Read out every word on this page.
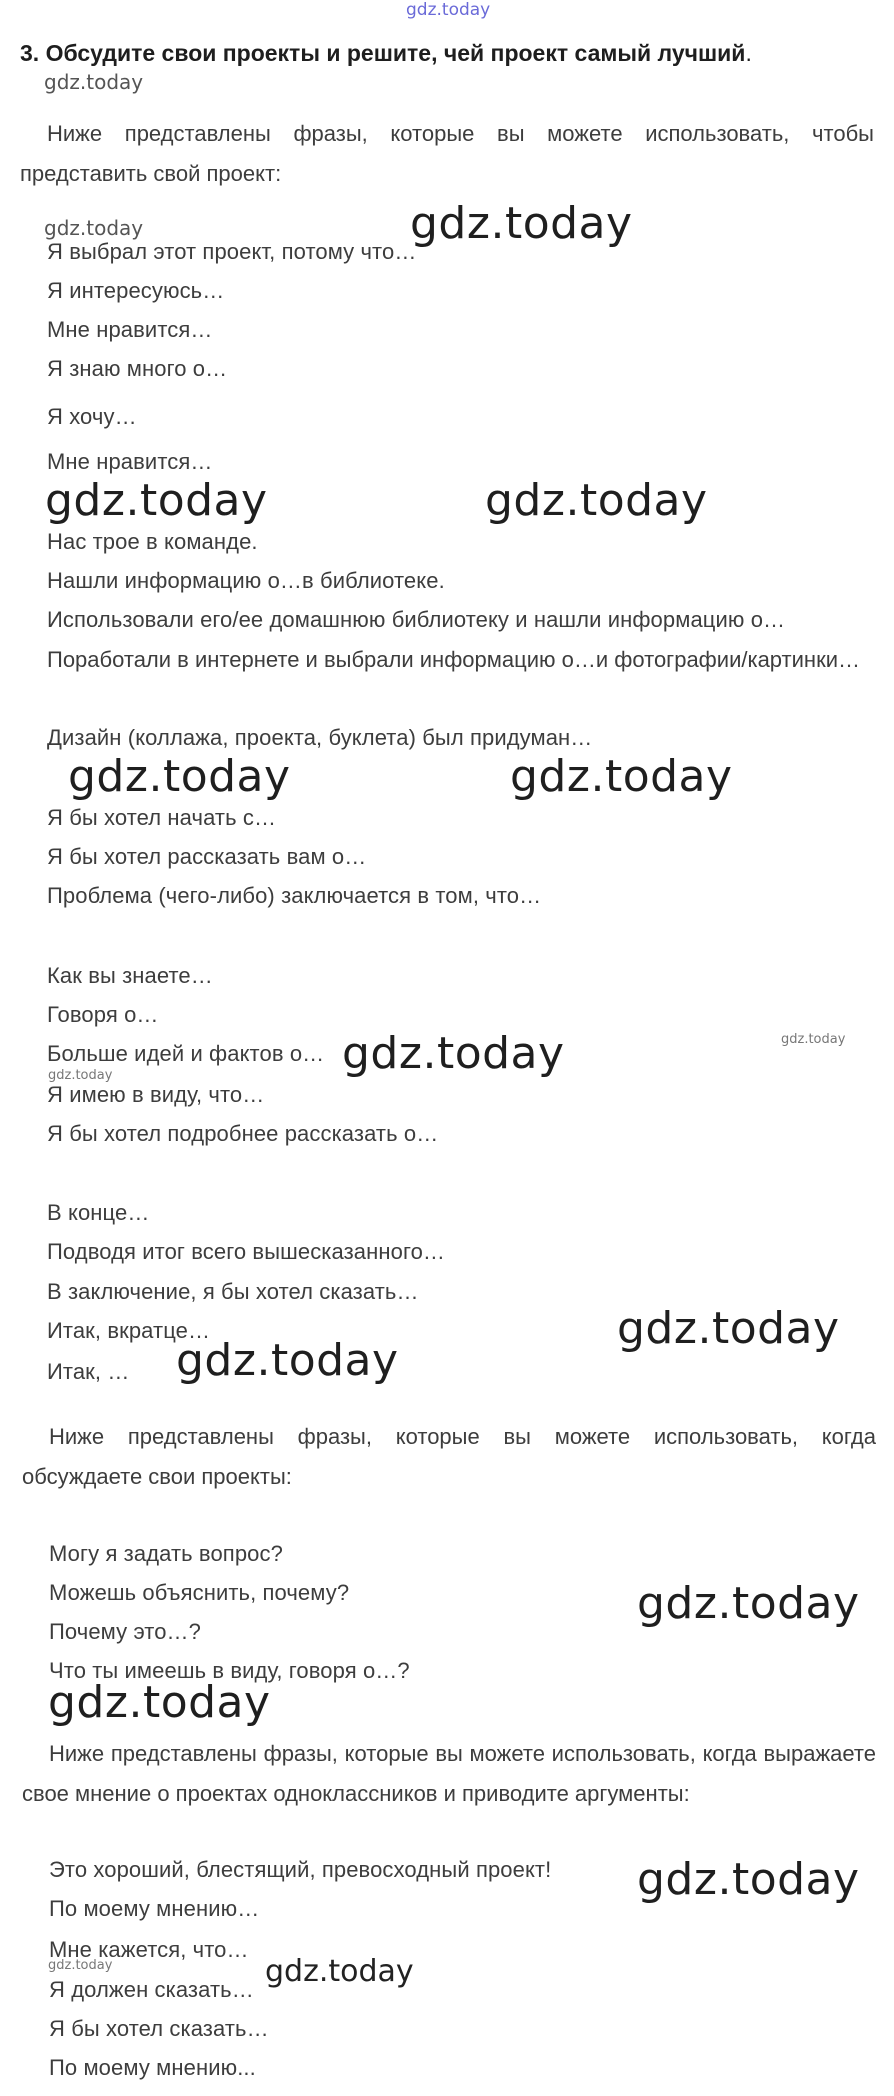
gdz.today
3. Обсудите свои проекты и решите, чей проект самый лучший.
gdz.today
Ниже представлены фразы, которые вы можете использовать, чтобы представить свой проект:
gdz.today	gdz.today
Я выбрал этот проект, потому что…
Я интересуюсь…
Мне нравится…
Я знаю много о…
Я хочу…
Мне нравится…
gdz.today	gdz.today
Нас трое в команде.
Нашли информацию о…в библиотеке.
Использовали его/ее домашнюю библиотеку и нашли информацию о…
Поработали в интернете и выбрали информацию о…и фотографии/картинки…
Дизайн (коллажа, проекта, буклета) был придуман…
gdz.today	gdz.today
Я бы хотел начать с…
Я бы хотел рассказать вам о…
Проблема (чего-либо) заключается в том, что…
Как вы знаете…
Говоря о…
Больше идей и фактов о… gdz.today	gdz.today
gdz.today
Я имею в виду, что…
Я бы хотел подробнее рассказать о…
В конце…
Подводя итог всего вышесказанного…
В заключение, я бы хотел сказать…
Итак, вкратце…	gdz.today
Итак, … gdz.today
Ниже представлены фразы, которые вы можете использовать, когда обсуждаете свои проекты:
Могу я задать вопрос?
Можешь объяснить, почему?	gdz.today
Почему это…?
Что ты имеешь в виду, говоря о…?
gdz.today
Ниже представлены фразы, которые вы можете использовать, когда выражаете свое мнение о проектах одноклассников и приводите аргументы:
Это хороший, блестящий, превосходный проект! gdz.today
По моему мнению…
Мне кажется, что…
gdz.today	gdz.today
Я должен сказать…
Я бы хотел сказать…
По моему мнению...
